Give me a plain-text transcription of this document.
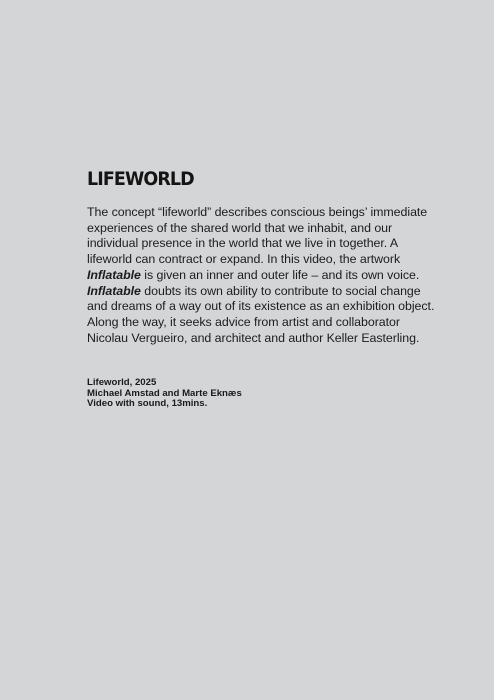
LIFEWORLD

The concept “lifeworld” describes conscious beings’ immediate
experiences of the shared world that we inhabit, and our
individual presence in the world that we live in together. A
lifeworld can contract or expand. In this video, the artwork
Inflatable is given an inner and outer life – and its own voice.
Inflatable doubts its own ability to contribute to social change
and dreams of a way out of its existence as an exhibition object.
Along the way, it seeks advice from artist and collaborator
Nicolau Vergueiro, and architect and author Keller Easterling.

Lifeworld, 2025
Michael Amstad and Marte Eknæs
Video with sound, 13mins.
